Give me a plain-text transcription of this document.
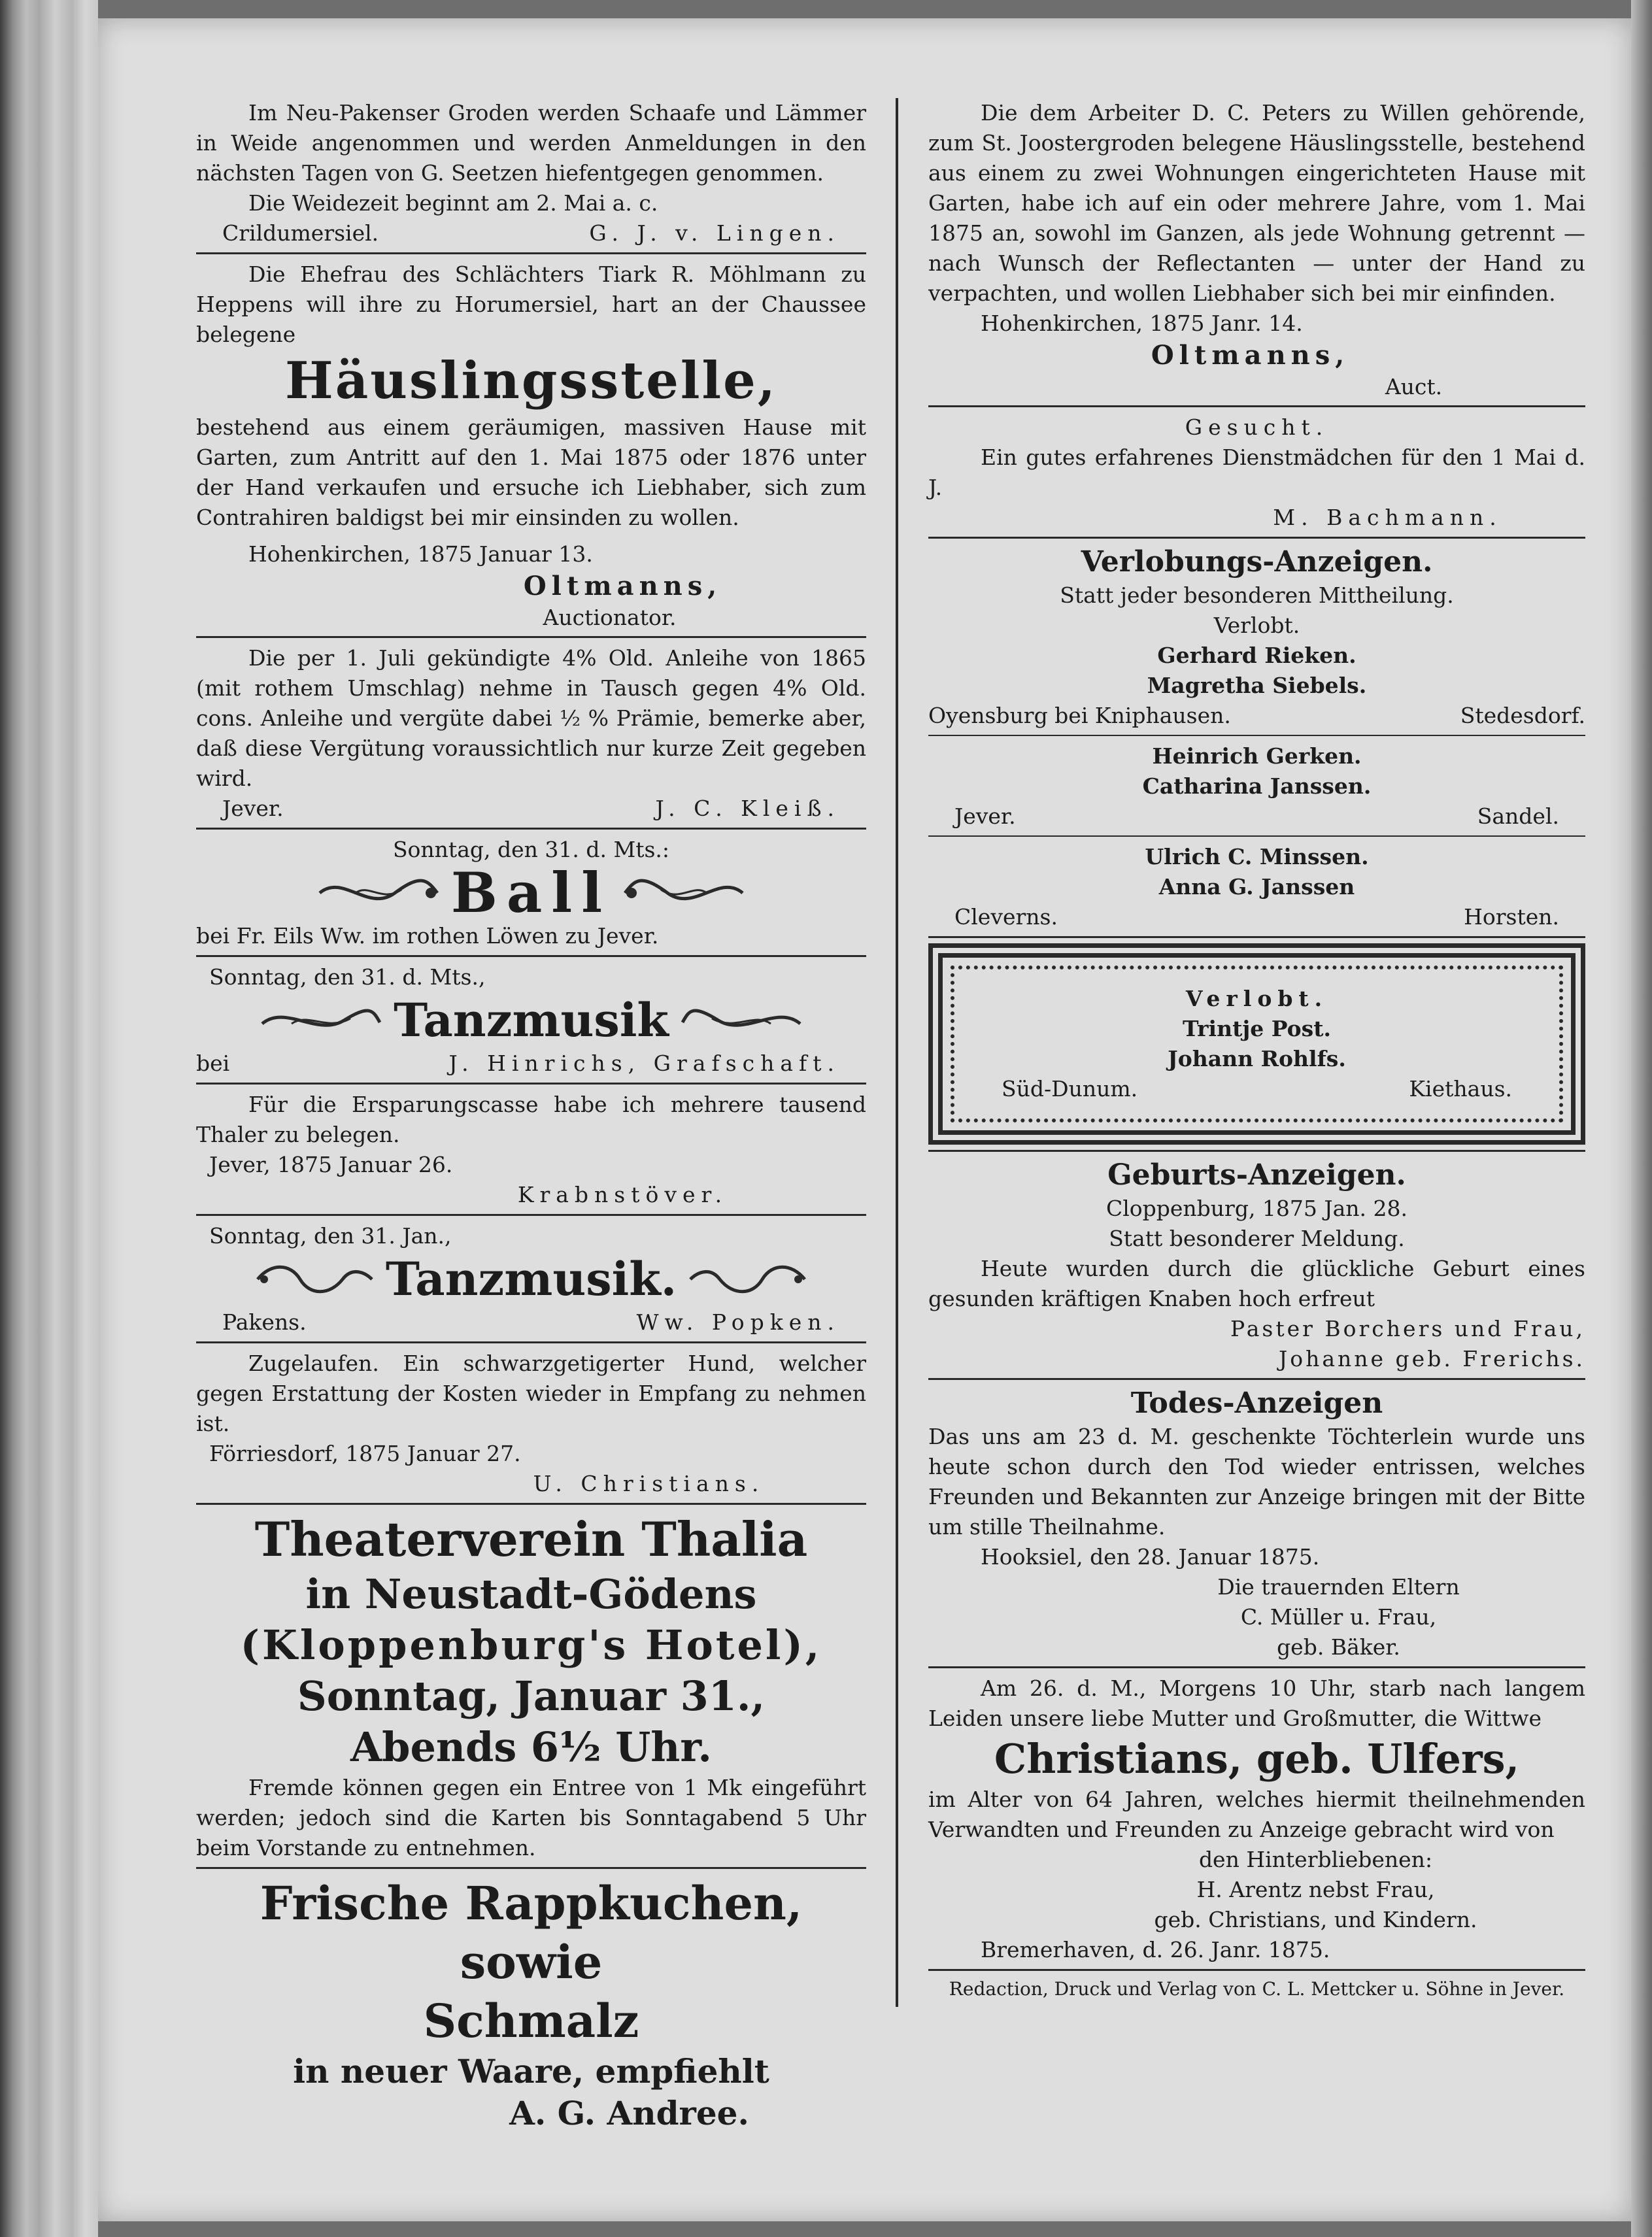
Im Neu-Pakenser Groden werden Schaafe und Lämmer in Weide angenommen und werden Anmeldungen in den nächsten Tagen von G. Seetzen hiefentgegen genommen.

Die Weidezeit beginnt am 2. Mai a. c.

Crildumersiel.	G. J. v. Lingen.

Die Ehefrau des Schlächters Tiark R. Möhlmann zu Heppens will ihre zu Horumersiel, hart an der Chaussee belegene

Häuslingsstelle,

bestehend aus einem geräumigen, massiven Hause mit Garten, zum Antritt auf den 1. Mai 1875 oder 1876 unter der Hand verkaufen und ersuche ich Liebhaber, sich zum Contrahiren baldigst bei mir einsinden zu wollen.

Hohenkirchen, 1875 Januar 13.

Oltmanns,
Auctionator.

Die per 1. Juli gekündigte 4% Old. Anleihe von 1865 (mit rothem Umschlag) nehme in Tausch gegen 4% Old. cons. Anleihe und vergüte dabei ½ % Prämie, bemerke aber, daß diese Vergütung voraussichtlich nur kurze Zeit gegeben wird.

Jever.	J. C. Kleiß.
Sonntag, den 31. d. Mts.:
Ball
bei Fr. Eils Ww. im rothen Löwen zu Jever.
Sonntag, den 31. d. Mts.,
Tanzmusik
bei	J. Hinrichs, Grafschaft.

Für die Ersparungscasse habe ich mehrere tausend Thaler zu belegen.

Jever, 1875 Januar 26.

Krabnstöver.
Sonntag, den 31. Jan.,
Tanzmusik.
Pakens.	Ww. Popken.

Zugelaufen. Ein schwarzgetigerter Hund, welcher gegen Erstattung der Kosten wieder in Empfang zu nehmen ist.

Förriesdorf, 1875 Januar 27.

U. Christians.
Theaterverein Thalia
in Neustadt-Gödens
(Kloppenburg's Hotel),
Sonntag, Januar 31.,
Abends 6½ Uhr.

Fremde können gegen ein Entree von 1 Mk eingeführt werden; jedoch sind die Karten bis Sonntagabend 5 Uhr beim Vorstande zu entnehmen.

Frische Rappkuchen, sowie
Schmalz
in neuer Waare, empfiehlt
A. G. Andree.

Die dem Arbeiter D. C. Peters zu Willen gehörende, zum St. Joostergroden belegene Häuslingsstelle, bestehend aus einem zu zwei Wohnungen eingerichteten Hause mit Garten, habe ich auf ein oder mehrere Jahre, vom 1. Mai 1875 an, sowohl im Ganzen, als jede Wohnung getrennt — nach Wunsch der Reflectanten — unter der Hand zu verpachten, und wollen Liebhaber sich bei mir einfinden.

Hohenkirchen, 1875 Janr. 14.

Oltmanns,
Auct.
Gesucht.

Ein gutes erfahrenes Dienstmädchen für den 1 Mai d. J.

M. Bachmann.
Verlobungs-Anzeigen.
Statt jeder besonderen Mittheilung.
Verlobt.
Gerhard Rieken.
Magretha Siebels.
Oyensburg bei Kniphausen.	Stedesdorf.
Heinrich Gerken.
Catharina Janssen.
Jever.	Sandel.
Ulrich C. Minssen.
Anna G. Janssen
Cleverns.	Horsten.
Verlobt.
Trintje Post.
Johann Rohlfs.
Süd-Dunum.	Kiethaus.
Geburts-Anzeigen.
Cloppenburg, 1875 Jan. 28.
Statt besonderer Meldung.

Heute wurden durch die glückliche Geburt eines gesunden kräftigen Knaben hoch erfreut

Paster Borchers und Frau,
Johanne geb. Frerichs.
Todes-Anzeigen

Das uns am 23 d. M. geschenkte Töchterlein wurde uns heute schon durch den Tod wieder entrissen, welches Freunden und Bekannten zur Anzeige bringen mit der Bitte um stille Theilnahme.

Hooksiel, den 28. Januar 1875.

Die trauernden Eltern
C. Müller u. Frau,
geb. Bäker.

Am 26. d. M., Morgens 10 Uhr, starb nach langem Leiden unsere liebe Mutter und Großmutter, die Wittwe

Christians, geb. Ulfers,

im Alter von 64 Jahren, welches hiermit theilnehmenden Verwandten und Freunden zu Anzeige gebracht wird von

den Hinterbliebenen:
H. Arentz nebst Frau,
geb. Christians, und Kindern.

Bremerhaven, d. 26. Janr. 1875.

Redaction, Druck und Verlag von C. L. Mettcker u. Söhne in Jever.
